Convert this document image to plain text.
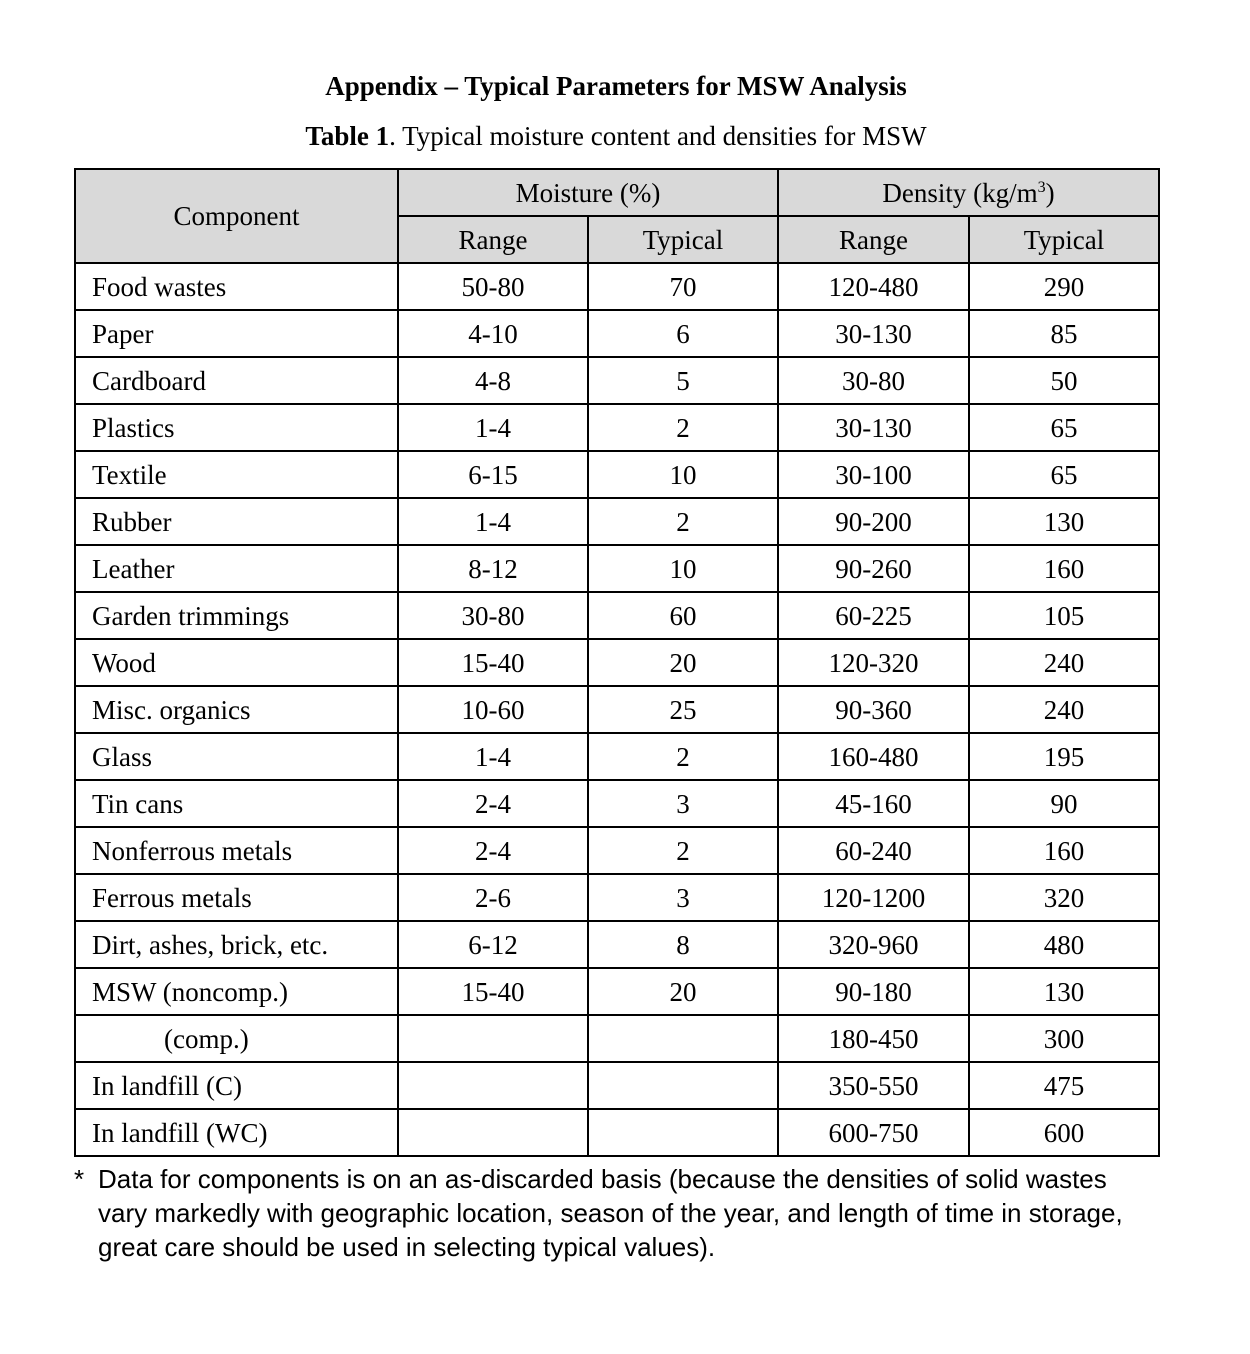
Appendix – Typical Parameters for MSW Analysis
Table 1. Typical moisture content and densities for MSW
Component	Moisture (%)		Density $(kg/m^3)$	
	Range	Typical	Range	Typical
Food wastes	50-80	70	120-480	290
Paper	4-10	6	30-130	85
Cardboard	4-8	5	30-80	50
Plastics	1-4	2	30-130	65
Textile	6-15	10	30-100	65
Rubber	1-4	2	90-200	130
Leather	8-12	10	90-260	160
Garden trimmings	30-80	60	60-225	105
Wood	15-40	20	120-320	240
Misc. organics	10-60	25	90-360	240
Glass	1-4	2	160-480	195
Tin cans	2-4	3	45-160	90
Nonferrous metals	2-4	2	60-240	160
Ferrous metals	2-6	3	120-1200	320
Dirt, ashes, brick, etc.	6-12	8	320-960	480
MSW (noncomp.)	15-40	20	90-180	130
(comp.)			180-450	300
In landfill (C)			350-550	475
In landfill (WC)			600-750	600
* Data for components is on an as-discarded basis (because the densities of solid wastes vary markedly with geographic location, season of the year, and length of time in storage, great care should be used in selecting typical values).
